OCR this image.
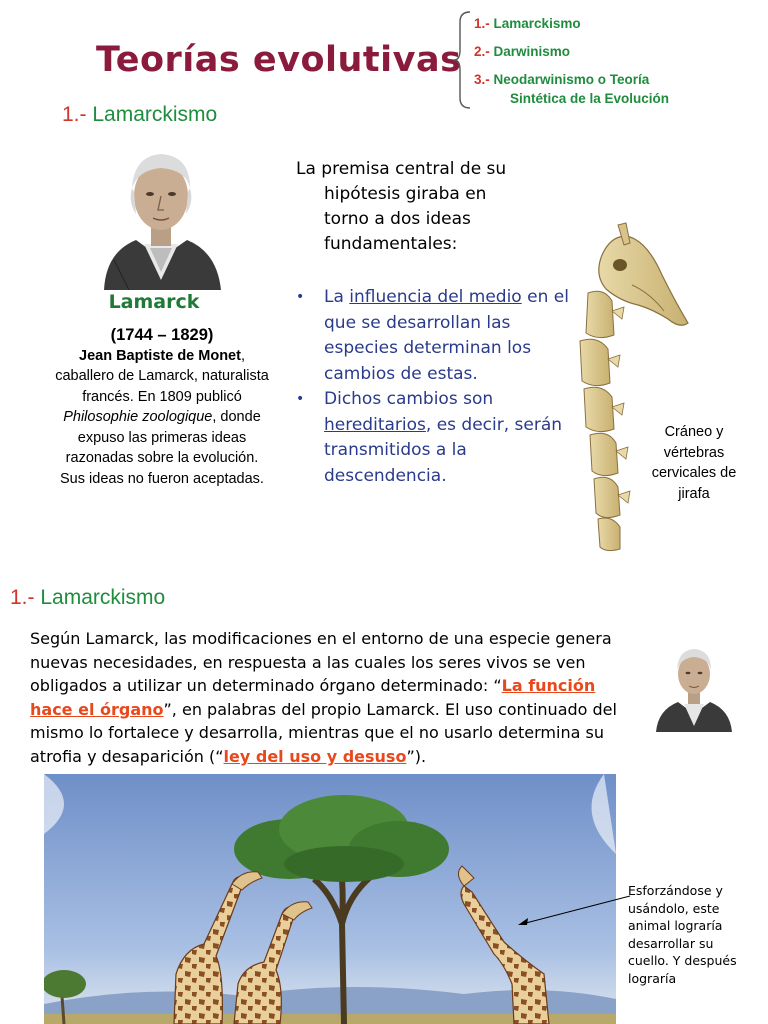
Teorías evolutivas
1.- Lamarckismo
2.- Darwinismo
3.- Neodarwinismo o Teoría
Sintética de la Evolución
1.- Lamarckismo
Lamarck
(1744 – 1829)
Jean Baptiste de Monet, caballero de Lamarck, naturalista francés. En 1809 publicó Philosophie zoologique, donde expuso las primeras ideas razonadas sobre la evolución. Sus ideas no fueron aceptadas.
La premisa central de su
hipótesis giraba en
torno a dos ideas
fundamentales:
• La influencia del medio en el que se desarrollan las especies determinan los cambios de estas.
• Dichos cambios son hereditarios, es decir, serán transmitidos a la descendencia.
Cráneo y vértebras cervicales de jirafa
1.- Lamarckismo
Según Lamarck, las modificaciones en el entorno de una especie genera nuevas necesidades, en respuesta a las cuales los seres vivos se ven obligados a utilizar un determinado órgano determinado: “La función hace el órgano”, en palabras del propio Lamarck. El uso continuado del mismo lo fortalece y desarrolla, mientras que el no usarlo determina su atrofia y desaparición (“ley del uso y desuso”).
Esforzándose y usándolo, este animal lograría desarrollar su cuello. Y después lograría
